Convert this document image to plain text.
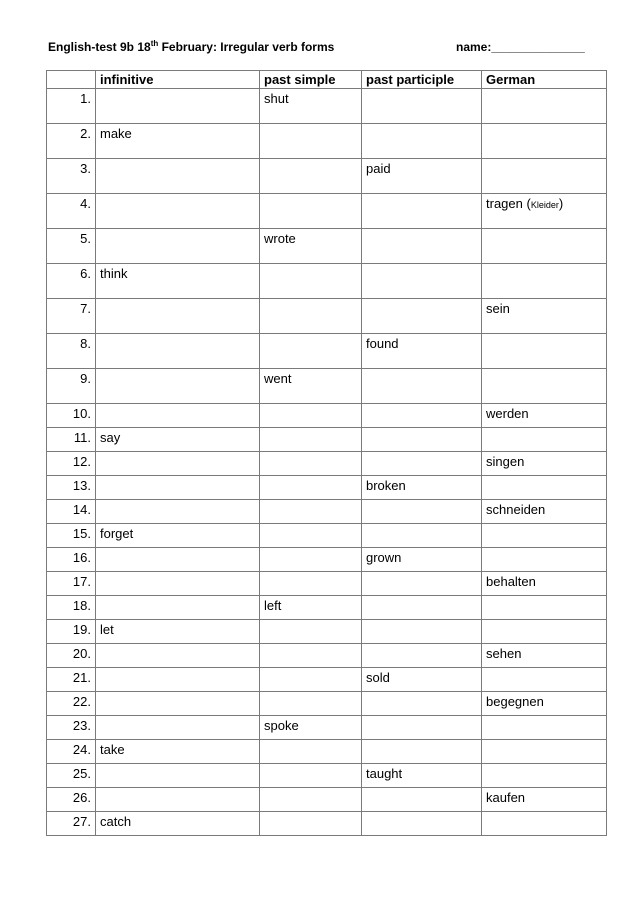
English-test 9b 18th February: Irregular verb forms	name:______________
	infinitive	past simple	past participle	German
1.		shut		
2.	make			
3.			paid	
4.				tragen (Kleider)
5.		wrote		
6.	think			
7.				sein
8.			found	
9.		went		
10.				werden
11.	say			
12.				singen
13.			broken	
14.				schneiden
15.	forget			
16.			grown	
17.				behalten
18.		left		
19.	let			
20.				sehen
21.			sold	
22.				begegnen
23.		spoke		
24.	take			
25.			taught	
26.				kaufen
27.	catch			
